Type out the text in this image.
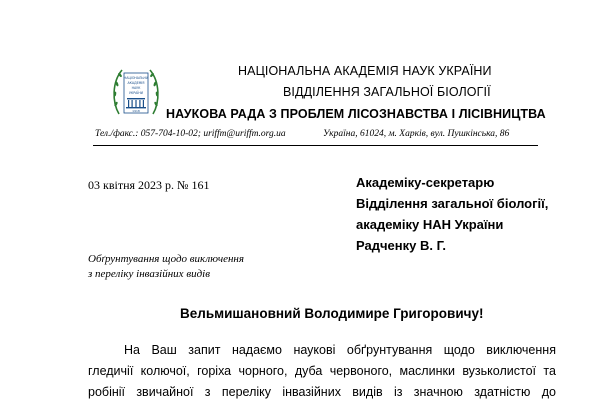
НАЦІОНАЛЬНА
АКАДЕМІЯ
НАУК
УКРАЇНИ
1918
НАЦІОНАЛЬНА АКАДЕМІЯ НАУК УКРАЇНИ
ВІДДІЛЕННЯ ЗАГАЛЬНОЇ БІОЛОГІЇ
НАУКОВА РАДА З ПРОБЛЕМ ЛІСОЗНАВСТВА І ЛІСІВНИЦТВА
Тел./факс.: 057-704-10-02; uriffm@uriffm.org.ua	Україна, 61024, м. Харків, вул. Пушкінська, 86
03 квітня 2023 р. № 161	Академіку-секретарю
Відділення загальної біології,
академіку НАН України
Радченку В. Г.
Обґрунтування щодо виключення
з переліку інвазійних видів
Вельмишановний Володимире Григоровичу!
На Ваш запит надаємо наукові обґрунтування щодо виключення
гледичії колючої, горіха чорного, дуба червоного, маслинки вузьколистої та
робінії звичайної з переліку інвазійних видів із значною здатністю до
